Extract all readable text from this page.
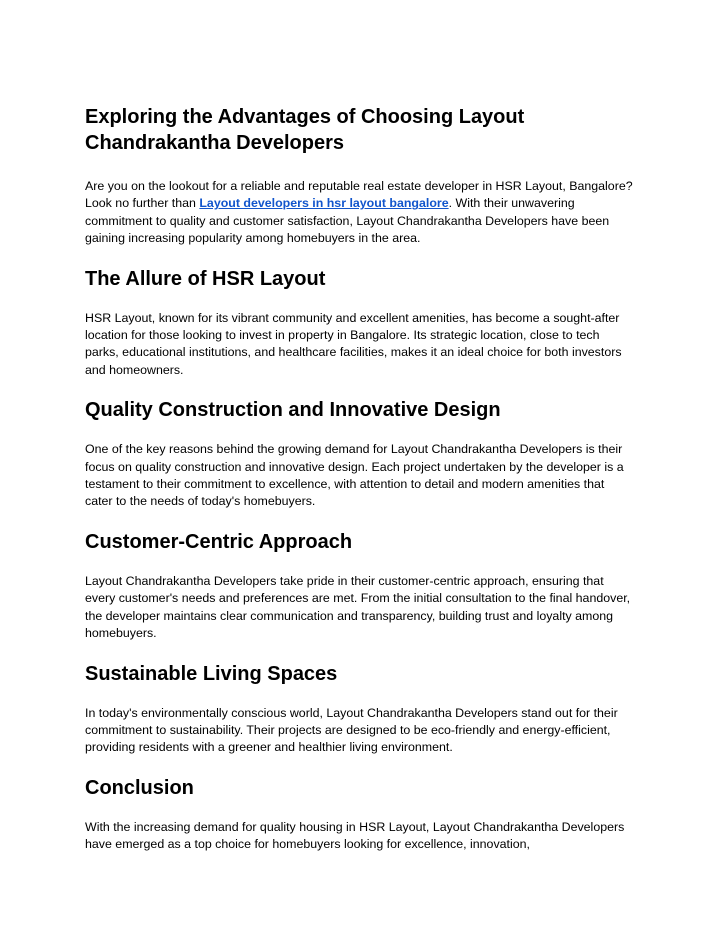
Exploring the Advantages of Choosing Layout Chandrakantha Developers

Are you on the lookout for a reliable and reputable real estate developer in HSR Layout, Bangalore? Look no further than Layout developers in hsr layout bangalore. With their unwavering commitment to quality and customer satisfaction, Layout Chandrakantha Developers have been gaining increasing popularity among homebuyers in the area.

The Allure of HSR Layout

HSR Layout, known for its vibrant community and excellent amenities, has become a sought-after location for those looking to invest in property in Bangalore. Its strategic location, close to tech parks, educational institutions, and healthcare facilities, makes it an ideal choice for both investors and homeowners.

Quality Construction and Innovative Design

One of the key reasons behind the growing demand for Layout Chandrakantha Developers is their focus on quality construction and innovative design. Each project undertaken by the developer is a testament to their commitment to excellence, with attention to detail and modern amenities that cater to the needs of today's homebuyers.

Customer-Centric Approach

Layout Chandrakantha Developers take pride in their customer-centric approach, ensuring that every customer's needs and preferences are met. From the initial consultation to the final handover, the developer maintains clear communication and transparency, building trust and loyalty among homebuyers.

Sustainable Living Spaces

In today's environmentally conscious world, Layout Chandrakantha Developers stand out for their commitment to sustainability. Their projects are designed to be eco-friendly and energy-efficient, providing residents with a greener and healthier living environment.

Conclusion

With the increasing demand for quality housing in HSR Layout, Layout Chandrakantha Developers have emerged as a top choice for homebuyers looking for excellence, innovation,
